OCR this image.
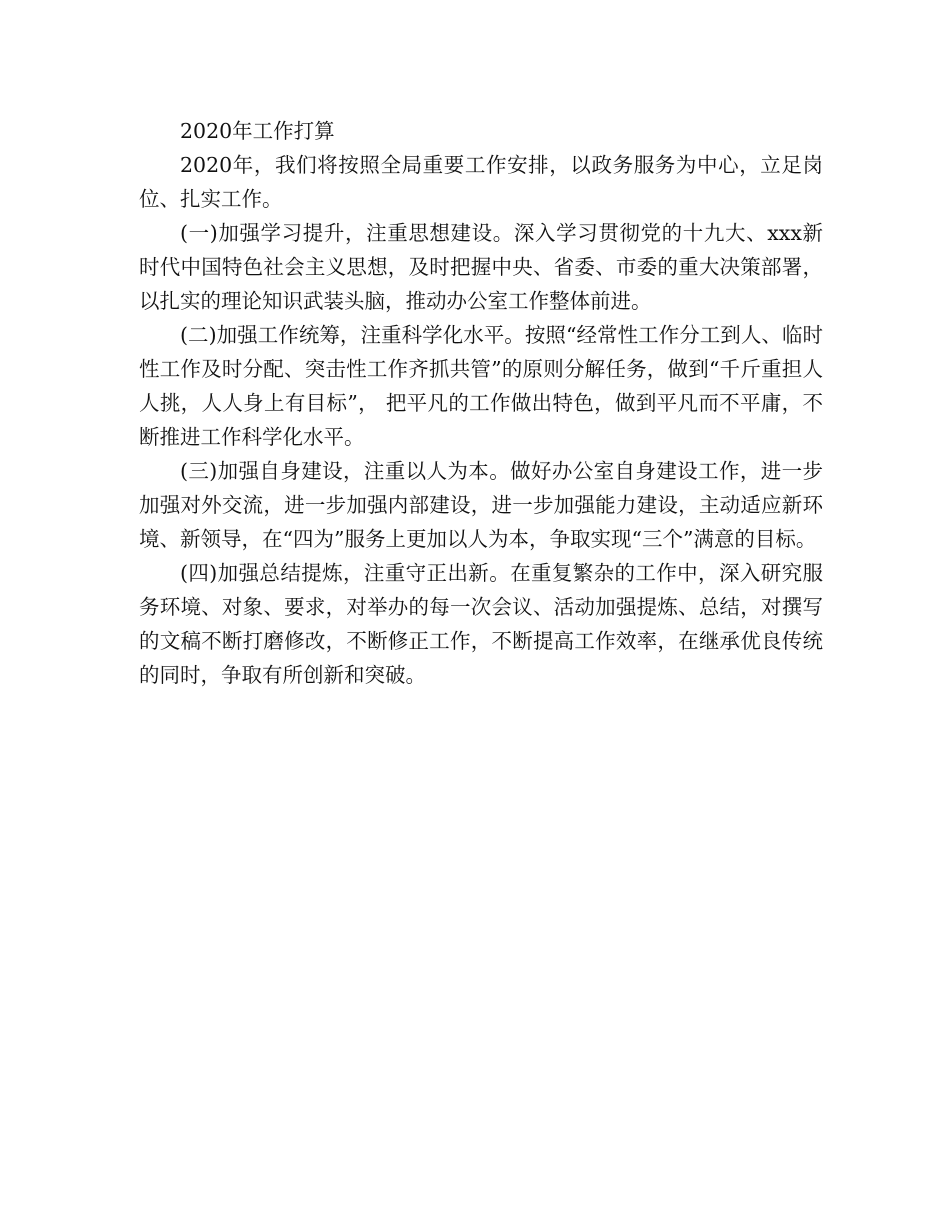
2020年工作打算

2020年，我们将按照全局重要工作安排，以政务服务为中心，立足岗位、扎实工作。

(一)加强学习提升，注重思想建设。深入学习贯彻党的十九大、xxx新时代中国特色社会主义思想，及时把握中央、省委、市委的重大决策部署，以扎实的理论知识武装头脑，推动办公室工作整体前进。

(二)加强工作统筹，注重科学化水平。按照“经常性工作分工到人、临时性工作及时分配、突击性工作齐抓共管”的原则分解任务，做到“千斤重担人人挑，人人身上有目标”， 把平凡的工作做出特色，做到平凡而不平庸，不断推进工作科学化水平。

(三)加强自身建设，注重以人为本。做好办公室自身建设工作，进一步加强对外交流，进一步加强内部建设，进一步加强能力建设，主动适应新环境、新领导，在“四为”服务上更加以人为本，争取实现“三个”满意的目标。

(四)加强总结提炼，注重守正出新。在重复繁杂的工作中，深入研究服务环境、对象、要求，对举办的每一次会议、活动加强提炼、总结，对撰写的文稿不断打磨修改，不断修正工作，不断提高工作效率，在继承优良传统的同时，争取有所创新和突破。
